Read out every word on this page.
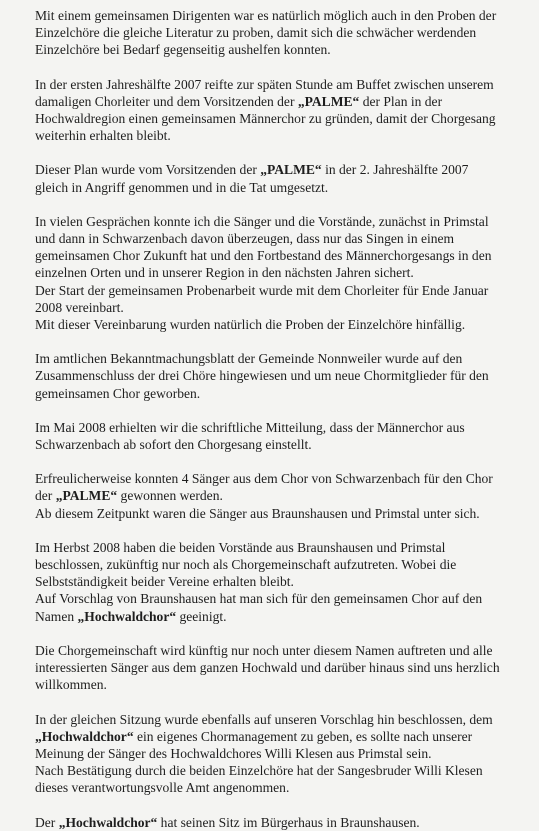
Mit einem gemeinsamen Dirigenten war es natürlich möglich auch in den Proben der
Einzelchöre die gleiche Literatur zu proben, damit sich die schwächer werdenden
Einzelchöre bei Bedarf gegenseitig aushelfen konnten.

In der ersten Jahreshälfte 2007 reifte zur späten Stunde am Buffet zwischen unserem
damaligen Chorleiter und dem Vorsitzenden der „PALME“ der Plan in der
Hochwaldregion einen gemeinsamen Männerchor zu gründen, damit der Chorgesang
weiterhin erhalten bleibt.

Dieser Plan wurde vom Vorsitzenden der „PALME“ in der 2. Jahreshälfte 2007
gleich in Angriff genommen und in die Tat umgesetzt.

In vielen Gesprächen konnte ich die Sänger und die Vorstände, zunächst in Primstal
und dann in Schwarzenbach davon überzeugen, dass nur das Singen in einem
gemeinsamen Chor Zukunft hat und den Fortbestand des Männerchorgesangs in den
einzelnen Orten und in unserer Region in den nächsten Jahren sichert.
Der Start der gemeinsamen Probenarbeit wurde mit dem Chorleiter für Ende Januar
2008 vereinbart.
Mit dieser Vereinbarung wurden natürlich die Proben der Einzelchöre hinfällig.

Im amtlichen Bekanntmachungsblatt der Gemeinde Nonnweiler wurde auf den
Zusammenschluss der drei Chöre hingewiesen und um neue Chormitglieder für den
gemeinsamen Chor geworben.

Im Mai 2008 erhielten wir die schriftliche Mitteilung, dass der Männerchor aus
Schwarzenbach ab sofort den Chorgesang einstellt.

Erfreulicherweise konnten 4 Sänger aus dem Chor von Schwarzenbach für den Chor
der „PALME“ gewonnen werden.
Ab diesem Zeitpunkt waren die Sänger aus Braunshausen und Primstal unter sich.

Im Herbst 2008 haben die beiden Vorstände aus Braunshausen und Primstal
beschlossen, zukünftig nur noch als Chorgemeinschaft aufzutreten. Wobei die
Selbstständigkeit beider Vereine erhalten bleibt.
Auf Vorschlag von Braunshausen hat man sich für den gemeinsamen Chor auf den
Namen „Hochwaldchor“ geeinigt.

Die Chorgemeinschaft wird künftig nur noch unter diesem Namen auftreten und alle
interessierten Sänger aus dem ganzen Hochwald und darüber hinaus sind uns herzlich
willkommen.

In der gleichen Sitzung wurde ebenfalls auf unseren Vorschlag hin beschlossen, dem
„Hochwaldchor“ ein eigenes Chormanagement zu geben, es sollte nach unserer
Meinung der Sänger des Hochwaldchores Willi Klesen aus Primstal sein.
Nach Bestätigung durch die beiden Einzelchöre hat der Sangesbruder Willi Klesen
dieses verantwortungsvolle Amt angenommen.

Der „Hochwaldchor“ hat seinen Sitz im Bürgerhaus in Braunshausen.
